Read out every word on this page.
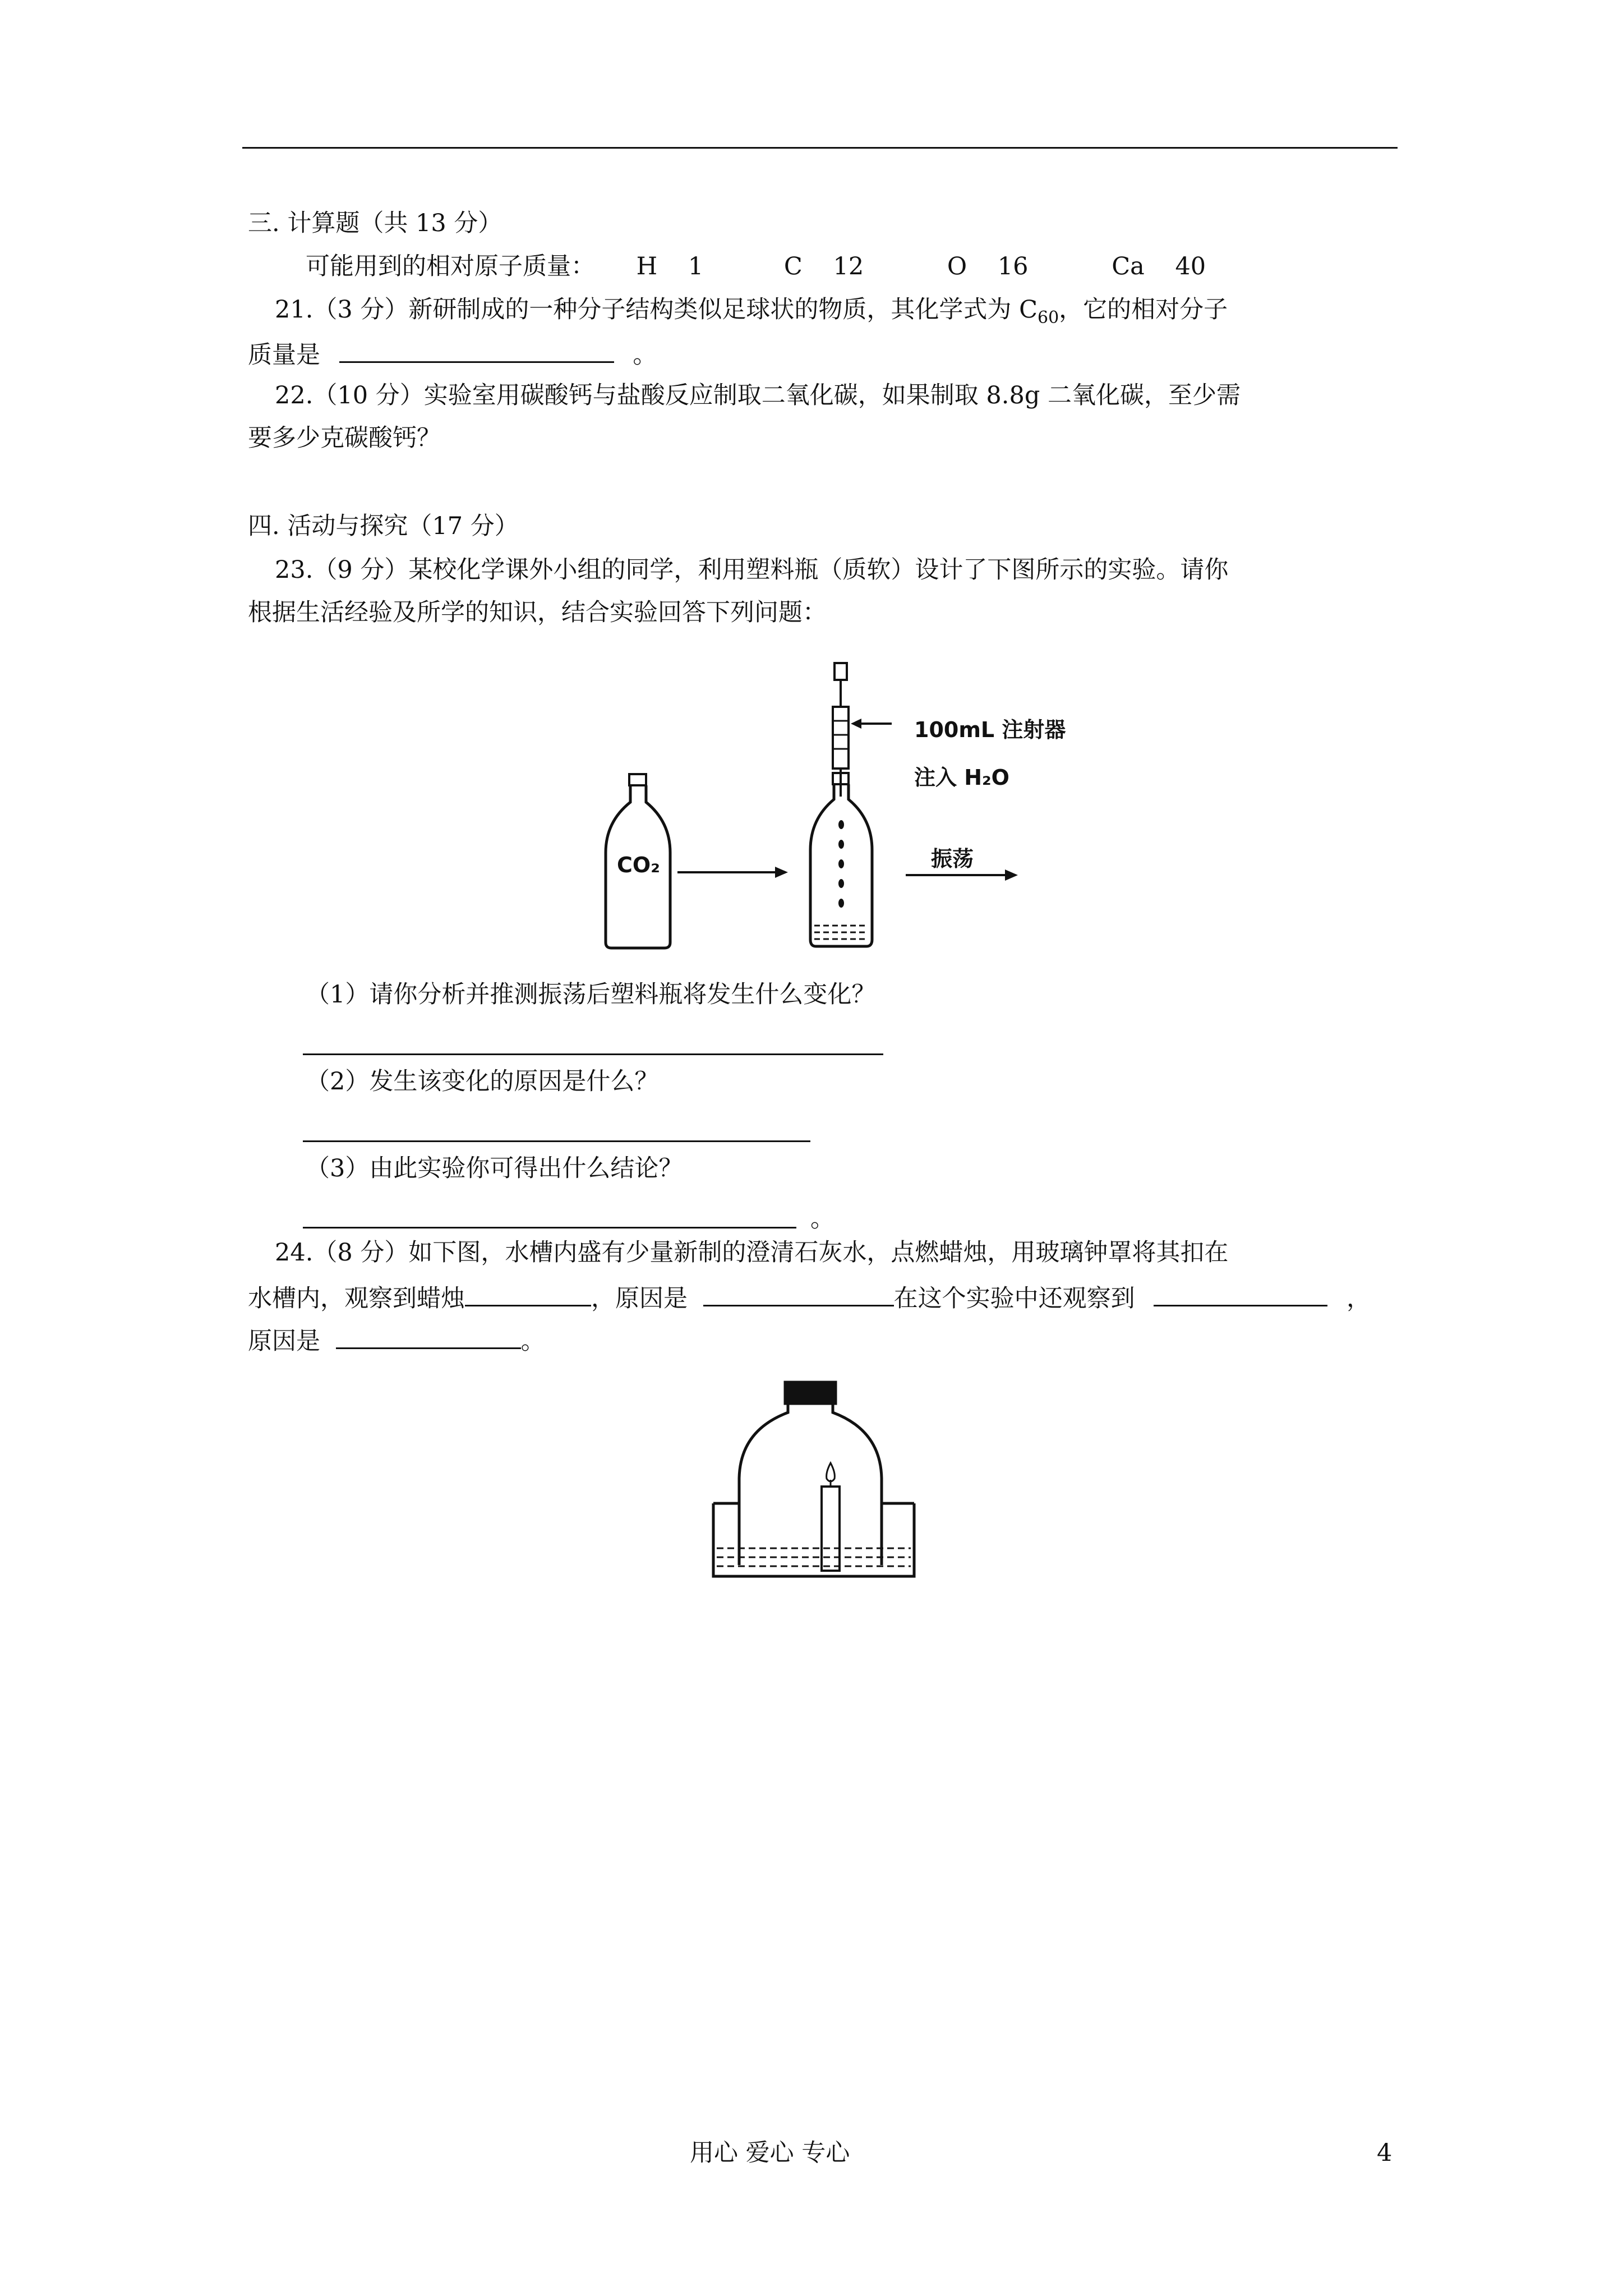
三. 计算题（共 13 分）
可能用到的相对原子质量： H 1	C 12	O 16	Ca 40
21.（3 分）新研制成的一种分子结构类似足球状的物质，其化学式为 $C_{60}$，它的相对分子
质量是	。
22.（10 分）实验室用碳酸钙与盐酸反应制取二氧化碳，如果制取 8.8g 二氧化碳，至少需
要多少克碳酸钙？
四. 活动与探究（17 分）
23.（9 分）某校化学课外小组的同学，利用塑料瓶（质软）设计了下图所示的实验。请你
根据生活经验及所学的知识，结合实验回答下列问题：
CO₂
100mL 注射器
注入 H₂O
振荡
（1）请你分析并推测振荡后塑料瓶将发生什么变化？
（2）发生该变化的原因是什么？
（3）由此实验你可得出什么结论？
。
24.（8 分）如下图，水槽内盛有少量新制的澄清石灰水，点燃蜡烛，用玻璃钟罩将其扣在
水槽内，观察到蜡烛	，原因是	在这个实验中还观察到	，
原因是	。
用心 爱心 专心	4
